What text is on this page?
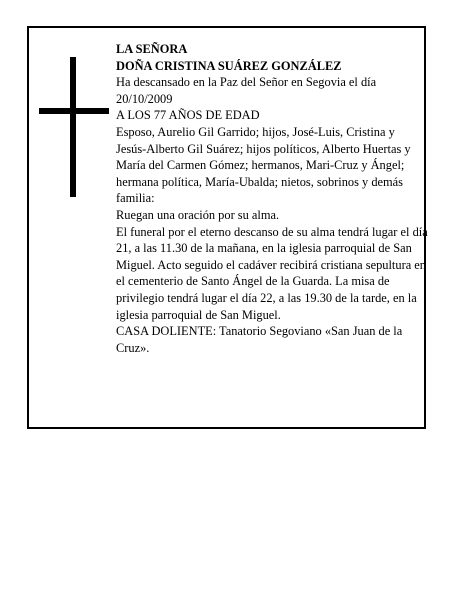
LA SEÑORA

DOÑA CRISTINA SUÁREZ GONZÁLEZ

Ha descansado en la Paz del Señor en Segovia el día 20/10/2009

A LOS 77 AÑOS DE EDAD

Esposo, Aurelio Gil Garrido; hijos, José-Luis, Cristina y Jesús-Alberto Gil Suárez; hijos políticos, Alberto Huertas y María del Carmen Gómez; hermanos, Mari-Cruz y Ángel; hermana política, María-Ubalda; nietos, sobrinos y demás familia:

Ruegan una oración por su alma.

El funeral por el eterno descanso de su alma tendrá lugar el día 21, a las 11.30 de la mañana, en la iglesia parroquial de San Miguel. Acto seguido el cadáver recibirá cristiana sepultura en el cementerio de Santo Ángel de la Guarda. La misa de privilegio tendrá lugar el día 22, a las 19.30 de la tarde, en la iglesia parroquial de San Miguel.

CASA DOLIENTE: Tanatorio Segoviano «San Juan de la Cruz».
